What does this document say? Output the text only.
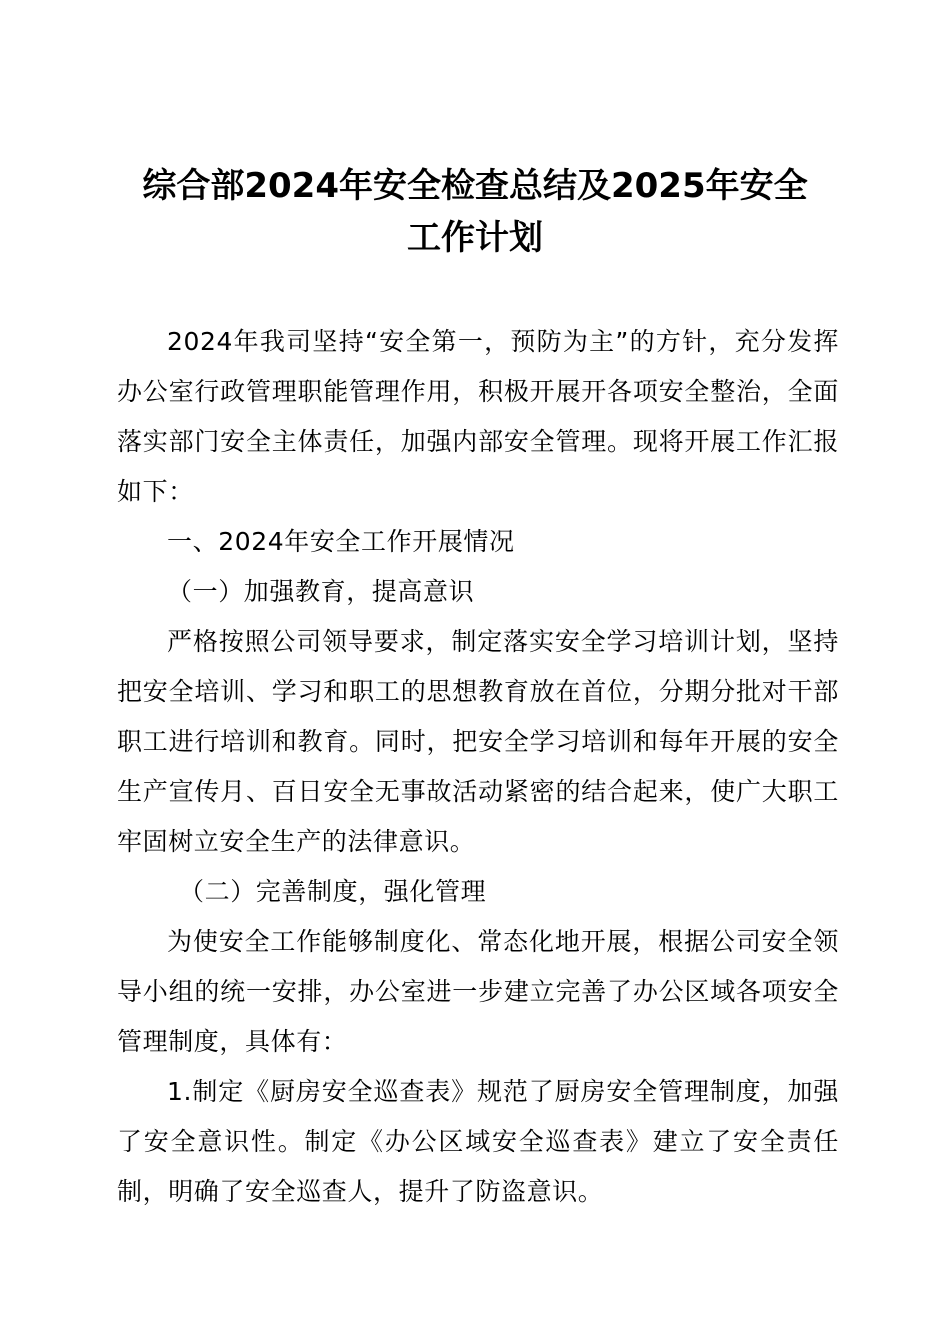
综合部2024年安全检查总结及2025年安全
工作计划

2024年我司坚持“安全第一，预防为主”的方针，充分发挥办公室行政管理职能管理作用，积极开展开各项安全整治，全面落实部门安全主体责任，加强内部安全管理。现将开展工作汇报如下：

一、2024年安全工作开展情况

（一）加强教育，提高意识

严格按照公司领导要求，制定落实安全学习培训计划，坚持把安全培训、学习和职工的思想教育放在首位，分期分批对干部职工进行培训和教育。同时，把安全学习培训和每年开展的安全生产宣传月、百日安全无事故活动紧密的结合起来，使广大职工牢固树立安全生产的法律意识。

（二）完善制度，强化管理

为使安全工作能够制度化、常态化地开展，根据公司安全领导小组的统一安排，办公室进一步建立完善了办公区域各项安全管理制度，具体有：

1.制定《厨房安全巡查表》规范了厨房安全管理制度，加强了安全意识性。制定《办公区域安全巡查表》建立了安全责任制，明确了安全巡查人，提升了防盗意识。
